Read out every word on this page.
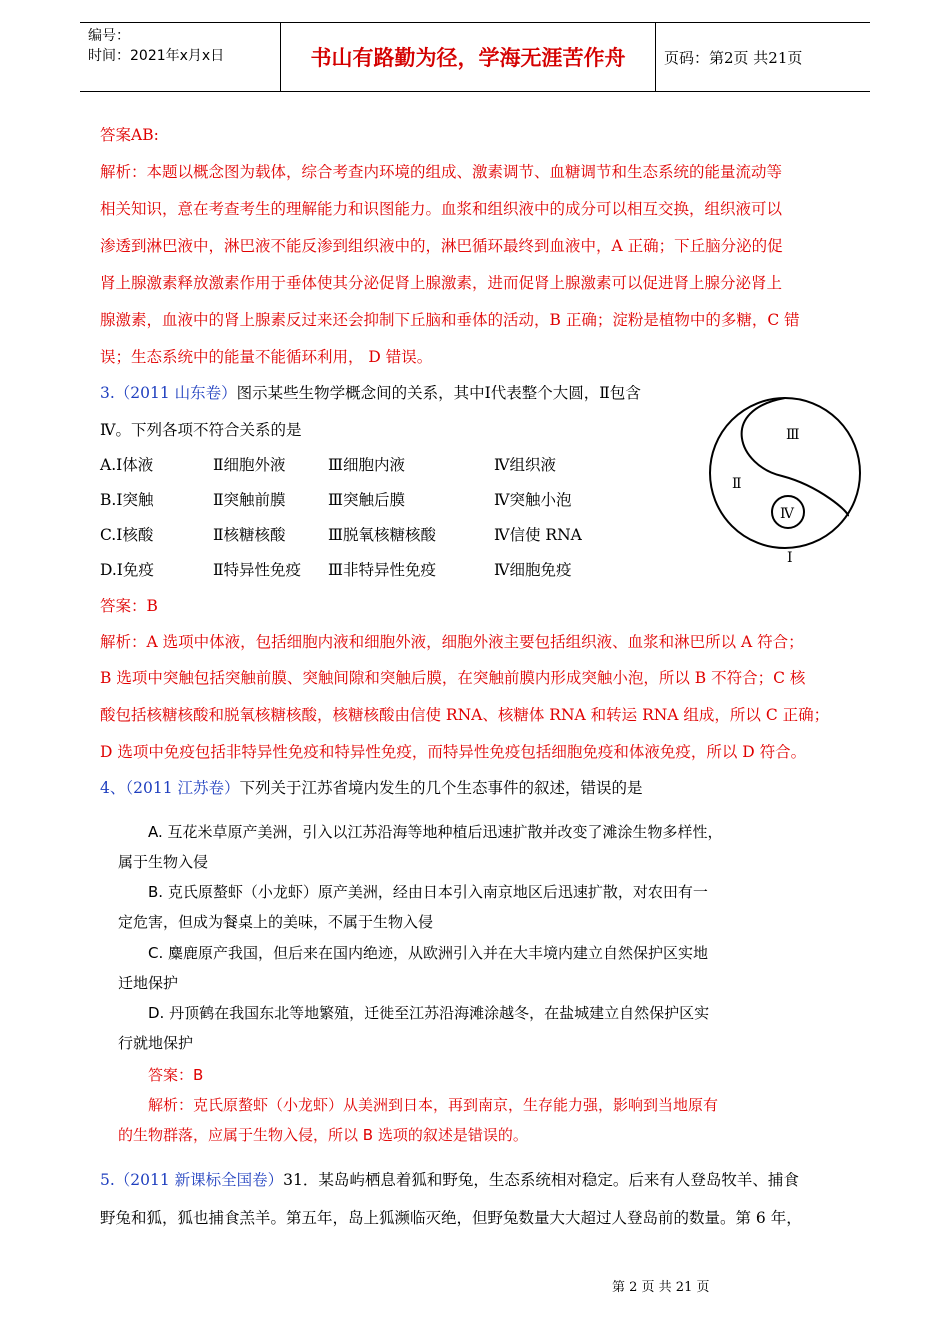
编号：
时间：2021年x月x日	书山有路勤为径，学海无涯苦作舟	页码：第2页 共21页
答案AB:
解析：本题以概念图为载体，综合考查内环境的组成、激素调节、血糖调节和生态系统的能量流动等
相关知识，意在考查考生的理解能力和识图能力。血浆和组织液中的成分可以相互交换，组织液可以
渗透到淋巴液中，淋巴液不能反渗到组织液中的，淋巴循环最终到血液中，A 正确；下丘脑分泌的促
肾上腺激素释放激素作用于垂体使其分泌促肾上腺激素，进而促肾上腺激素可以促进肾上腺分泌肾上
腺激素，血液中的肾上腺素反过来还会抑制下丘脑和垂体的活动，B 正确；淀粉是植物中的多糖，C 错
误；生态系统中的能量不能循环利用， D 错误。
3.（2011 山东卷）图示某些生物学概念间的关系，其中Ⅰ代表整个大圆，Ⅱ包含
Ⅳ。下列各项不符合关系的是
A.Ⅰ体液	Ⅱ细胞外液	Ⅲ细胞内液	Ⅳ组织液
B.Ⅰ突触	Ⅱ突触前膜	Ⅲ突触后膜	Ⅳ突触小泡
C.Ⅰ核酸	Ⅱ核糖核酸	Ⅲ脱氧核糖核酸	Ⅳ信使 RNA
D.Ⅰ免疫	Ⅱ特异性免疫 Ⅲ非特异性免疫	Ⅳ细胞免疫
Ⅲ
Ⅱ
Ⅳ
Ⅰ
答案：B
解析：A 选项中体液，包括细胞内液和细胞外液，细胞外液主要包括组织液、血浆和淋巴所以 A 符合；
B 选项中突触包括突触前膜、突触间隙和突触后膜，在突触前膜内形成突触小泡，所以 B 不符合；C 核
酸包括核糖核酸和脱氧核糖核酸，核糖核酸由信使 RNA、核糖体 RNA 和转运 RNA 组成，所以 C 正确；
D 选项中免疫包括非特异性免疫和特异性免疫，而特异性免疫包括细胞免疫和体液免疫，所以 D 符合。
4、（2011 江苏卷）下列关于江苏省境内发生的几个生态事件的叙述，错误的是
A. 互花米草原产美洲，引入以江苏沿海等地种植后迅速扩散并改变了滩涂生物多样性，
属于生物入侵
B. 克氏原螯虾（小龙虾）原产美洲，经由日本引入南京地区后迅速扩散，对农田有一
定危害，但成为餐桌上的美味，不属于生物入侵
C. 麋鹿原产我国，但后来在国内绝迹，从欧洲引入并在大丰境内建立自然保护区实地
迁地保护
D. 丹顶鹤在我国东北等地繁殖，迁徙至江苏沿海滩涂越冬，在盐城建立自然保护区实
行就地保护
答案：B
解析：克氏原螯虾（小龙虾）从美洲到日本，再到南京，生存能力强，影响到当地原有
的生物群落，应属于生物入侵，所以 B 选项的叙述是错误的。
5.（2011 新课标全国卷）31．某岛屿栖息着狐和野兔，生态系统相对稳定。后来有人登岛牧羊、捕食
野兔和狐，狐也捕食羔羊。第五年，岛上狐濒临灭绝，但野兔数量大大超过人登岛前的数量。第 6 年，
第 2 页 共 21 页
